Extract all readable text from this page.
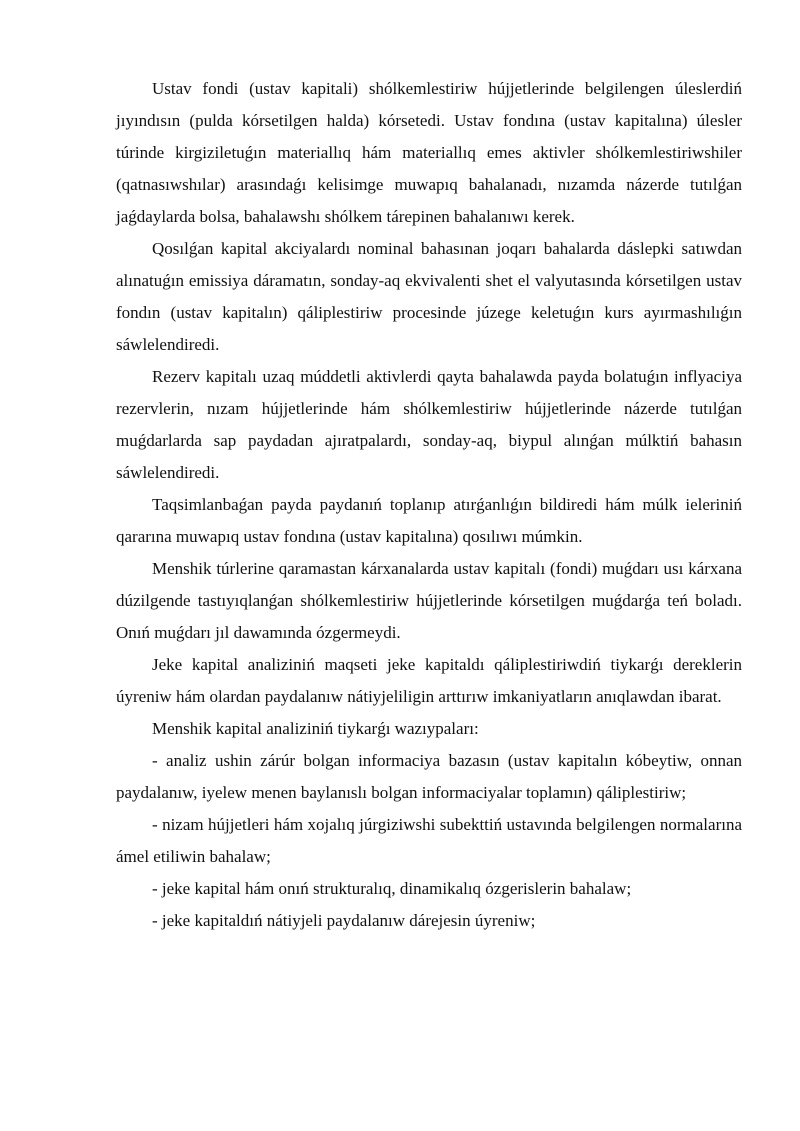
Ustav fondi (ustav kapitali) shólkemlestiriw hújjetlerinde belgilengen úleslerdiń jıyındısın (pulda kórsetilgen halda) kórsetedi. Ustav fondına (ustav kapitalına) úlesler túrinde kirgiziletuǵın materiallıq hám materiallıq emes aktivler shólkemlestiriwshiler (qatnasıwshılar) arasındaǵı kelisimge muwapıq bahalanadı, nızamda názerde tutılǵan jaǵdaylarda bolsa, bahalawshı shólkem tárepinen bahalanıwı kerek.

Qosılǵan kapital akciyalardı nominal bahasınan joqarı bahalarda dáslepki satıwdan alınatuǵın emissiya dáramatın, sonday-aq ekvivalenti shet el valyutasında kórsetilgen ustav fondın (ustav kapitalın) qáliplestiriw procesinde júzege keletuǵın kurs ayırmashılıǵın sáwlelendiredi.

Rezerv kapitalı uzaq múddetli aktivlerdi qayta bahalawda payda bolatuǵın inflyaciya rezervlerin, nızam hújjetlerinde hám shólkemlestiriw hújjetlerinde názerde tutılǵan muǵdarlarda sap paydadan ajıratpalardı, sonday-aq, biypul alınǵan múlktiń bahasın sáwlelendiredi.

Taqsimlanbaǵan payda paydanıń toplanıp atırǵanlıǵın bildiredi hám múlk ieleriniń qararına muwapıq ustav fondına (ustav kapitalına) qosılıwı múmkin.

Menshik túrlerine qaramastan kárxanalarda ustav kapitalı (fondi) muǵdarı usı kárxana dúzilgende tastıyıqlanǵan shólkemlestiriw hújjetlerinde kórsetilgen muǵdarǵa teń boladı. Onıń muǵdarı jıl dawamında ózgermeydi.

Jeke kapital analiziniń maqseti jeke kapitaldı qáliplestiriwdiń tiykarǵı dereklerin úyreniw hám olardan paydalanıw nátiyjeliligin arttırıw imkaniyatların anıqlawdan ibarat.

Menshik kapital analiziniń tiykarǵı wazıypaları:

- analiz ushin zárúr bolgan informaciya bazasın (ustav kapitalın kóbeytiw, onnan paydalanıw, iyelew menen baylanıslı bolgan informaciyalar toplamın) qáliplestiriw;

- nizam hújjetleri hám xojalıq júrgiziwshi subekttiń ustavında belgilengen normalarına ámel etiliwin bahalaw;

- jeke kapital hám onıń strukturalıq, dinamikalıq ózgerislerin bahalaw;

- jeke kapitaldıń nátiyjeli paydalanıw dárejesin úyreniw;
